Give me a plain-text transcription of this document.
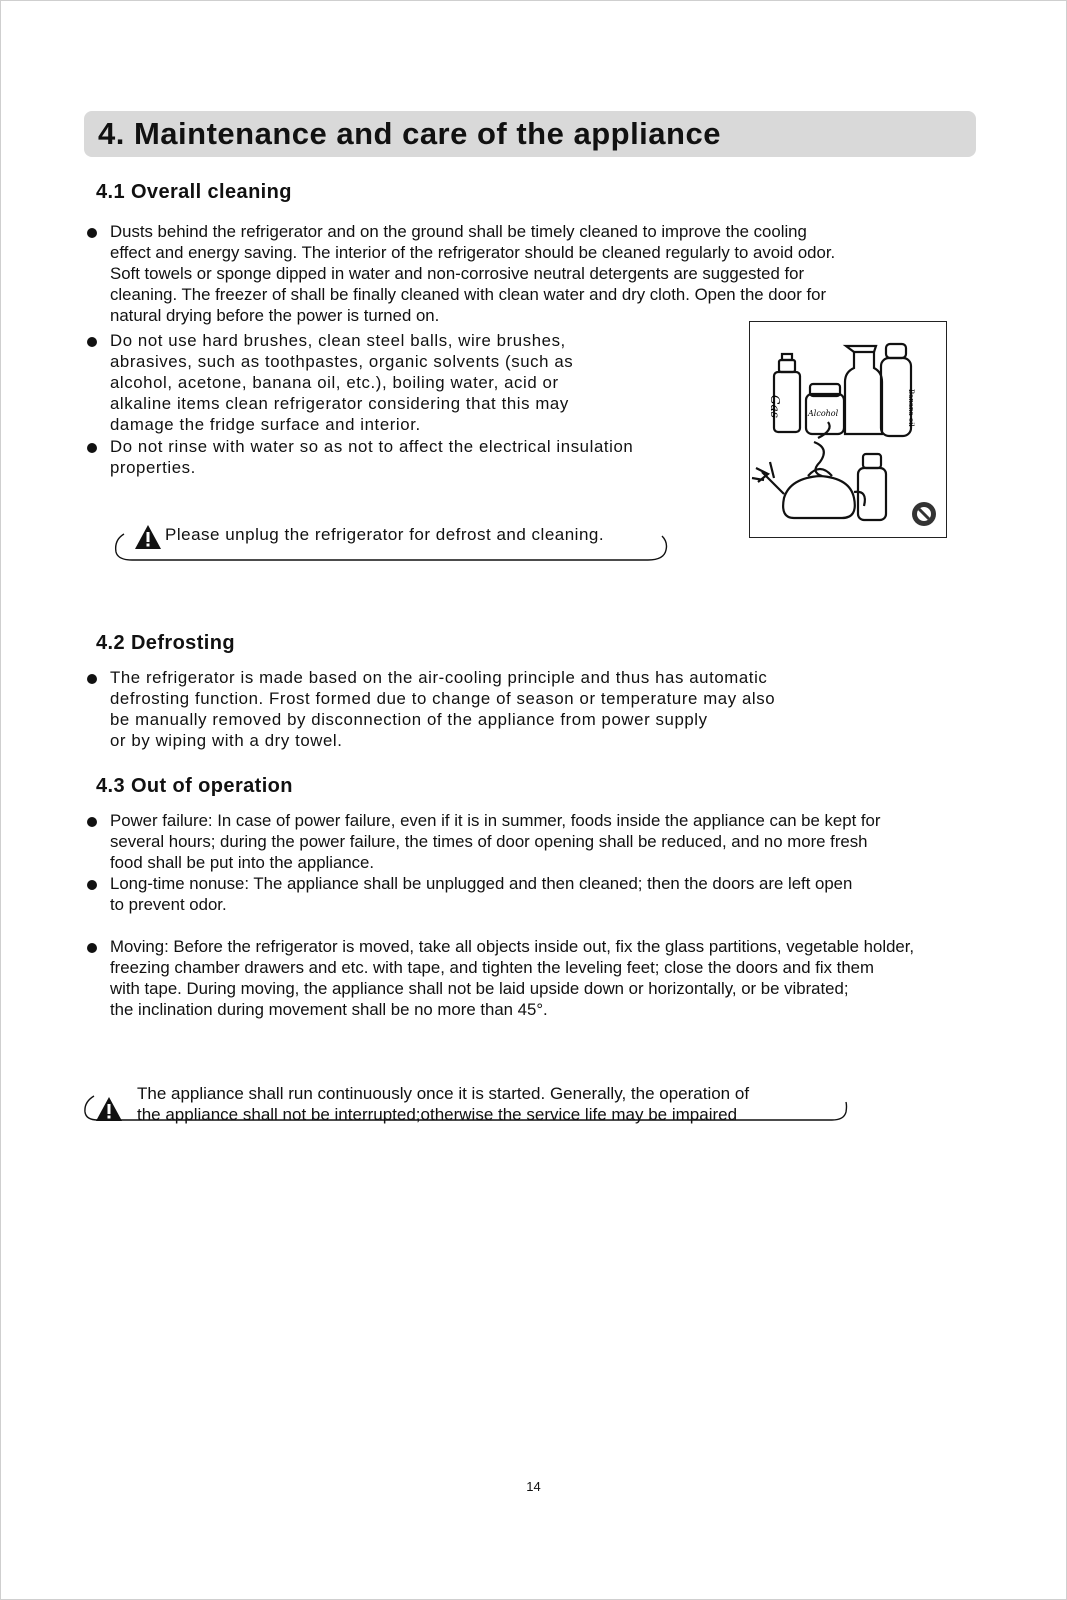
4. Maintenance and care of the appliance
4.1 Overall cleaning

Dusts behind the refrigerator and on the ground shall be timely cleaned to improve the cooling
effect and energy saving. The interior of the refrigerator should be cleaned regularly to avoid odor.
Soft towels or sponge dipped in water and non-corrosive neutral detergents are suggested for
cleaning. The freezer of shall be finally cleaned with clean water and dry cloth. Open the door for
natural drying before the power is turned on.

Do not use hard brushes, clean steel balls, wire brushes,
abrasives, such as toothpastes, organic solvents (such as
alcohol, acetone, banana oil, etc.), boiling water, acid or
alkaline items clean refrigerator considering that this may
damage the fridge surface and interior.

Do not rinse with water so as not to affect the electrical insulation
properties.

Gas	Alcohol	Banana oil
Please unplug the refrigerator for defrost and cleaning.
4.2 Defrosting

The refrigerator is made based on the air-cooling principle and thus has automatic
defrosting function. Frost formed due to change of season or temperature may also
be manually removed by disconnection of the appliance from power supply
or by wiping with a dry towel.

4.3 Out of operation

Power failure: In case of power failure, even if it is in summer, foods inside the appliance can be kept for
several hours; during the power failure, the times of door opening shall be reduced, and no more fresh
food shall be put into the appliance.

Long-time nonuse: The appliance shall be unplugged and then cleaned; then the doors are left open
to prevent odor.

Moving: Before the refrigerator is moved, take all objects inside out, fix the glass partitions, vegetable holder,
freezing chamber drawers and etc. with tape, and tighten the leveling feet; close the doors and fix them
with tape. During moving, the appliance shall not be laid upside down or horizontally, or be vibrated;
the inclination during movement shall be no more than 45°.

The appliance shall run continuously once it is started. Generally, the operation of
the appliance shall not be interrupted;otherwise the service life may be impaired
14
